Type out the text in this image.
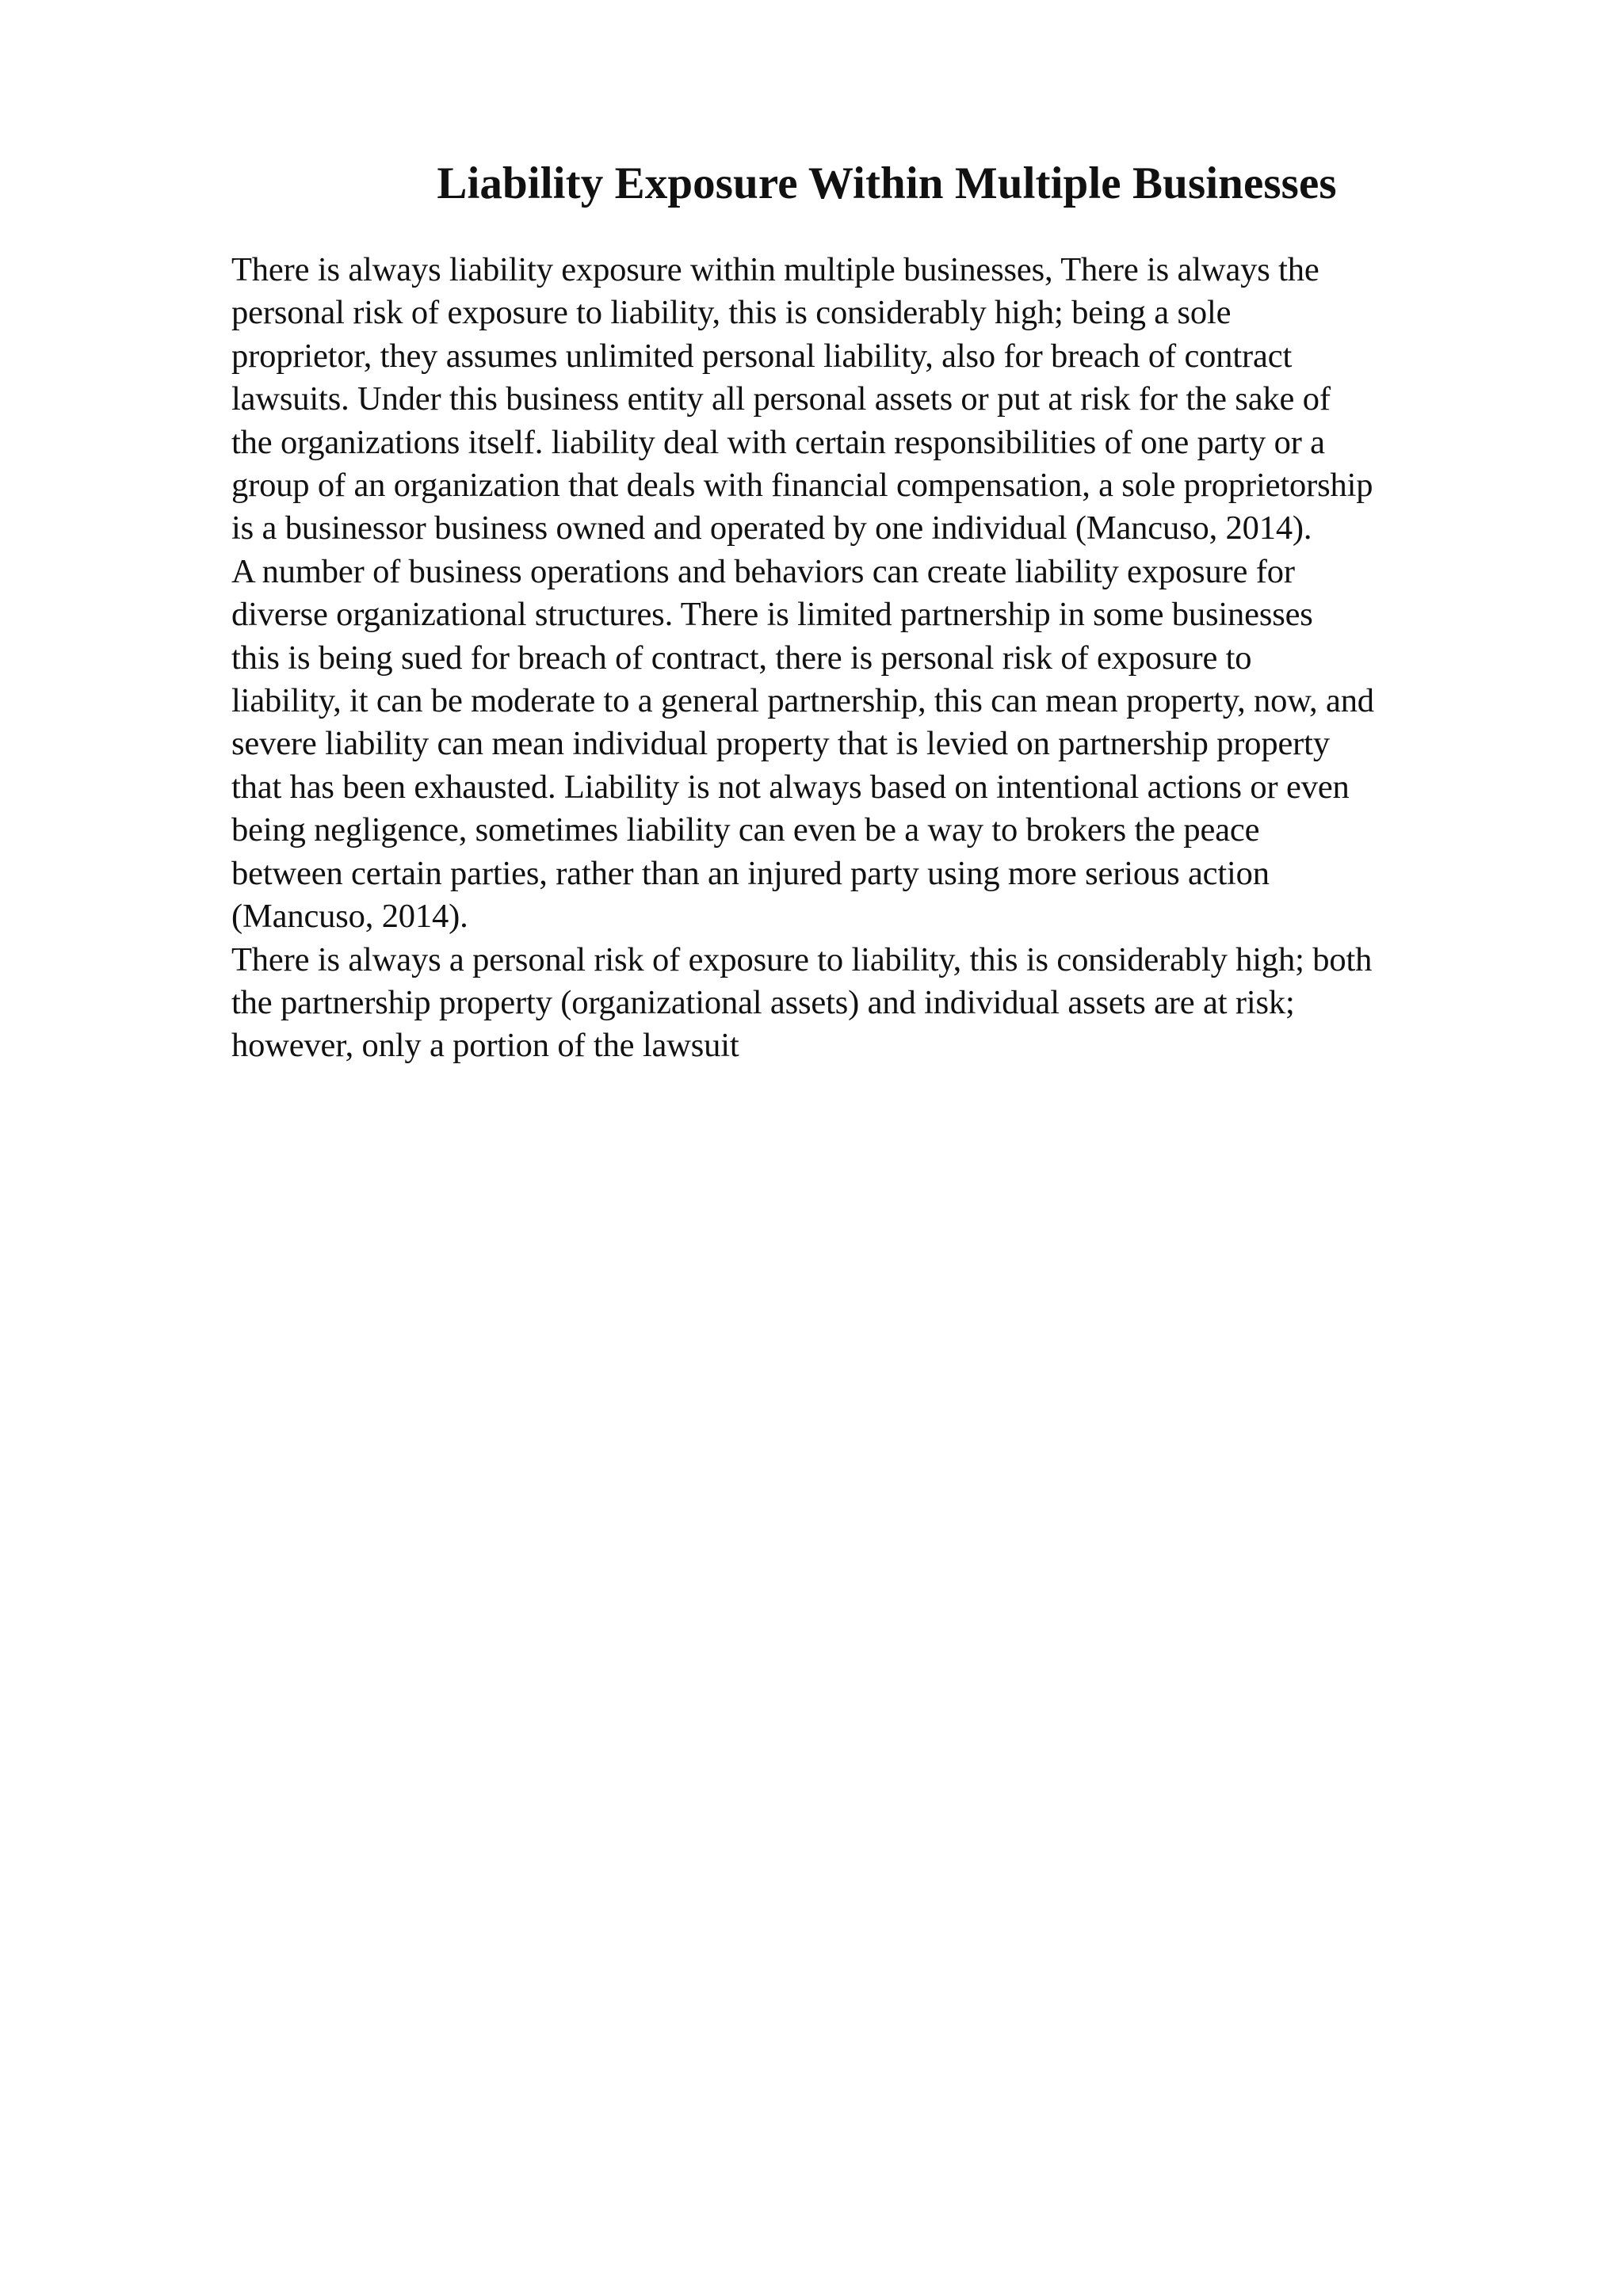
Liability Exposure Within Multiple Businesses

There is always liability exposure within multiple businesses, There is always the
personal risk of exposure to liability, this is considerably high; being a sole
proprietor, they assumes unlimited personal liability, also for breach of contract
lawsuits. Under this business entity all personal assets or put at risk for the sake of
the organizations itself. liability deal with certain responsibilities of one party or a
group of an organization that deals with financial compensation, a sole proprietorship
is a businessor business owned and operated by one individual (Mancuso, 2014).

A number of business operations and behaviors can create liability exposure for
diverse organizational structures. There is limited partnership in some businesses
this is being sued for breach of contract, there is personal risk of exposure to
liability, it can be moderate to a general partnership, this can mean property, now, and
severe liability can mean individual property that is levied on partnership property
that has been exhausted. Liability is not always based on intentional actions or even
being negligence, sometimes liability can even be a way to brokers the peace
between certain parties, rather than an injured party using more serious action
(Mancuso, 2014).

There is always a personal risk of exposure to liability, this is considerably high; both
the partnership property (organizational assets) and individual assets are at risk;
however, only a portion of the lawsuit
